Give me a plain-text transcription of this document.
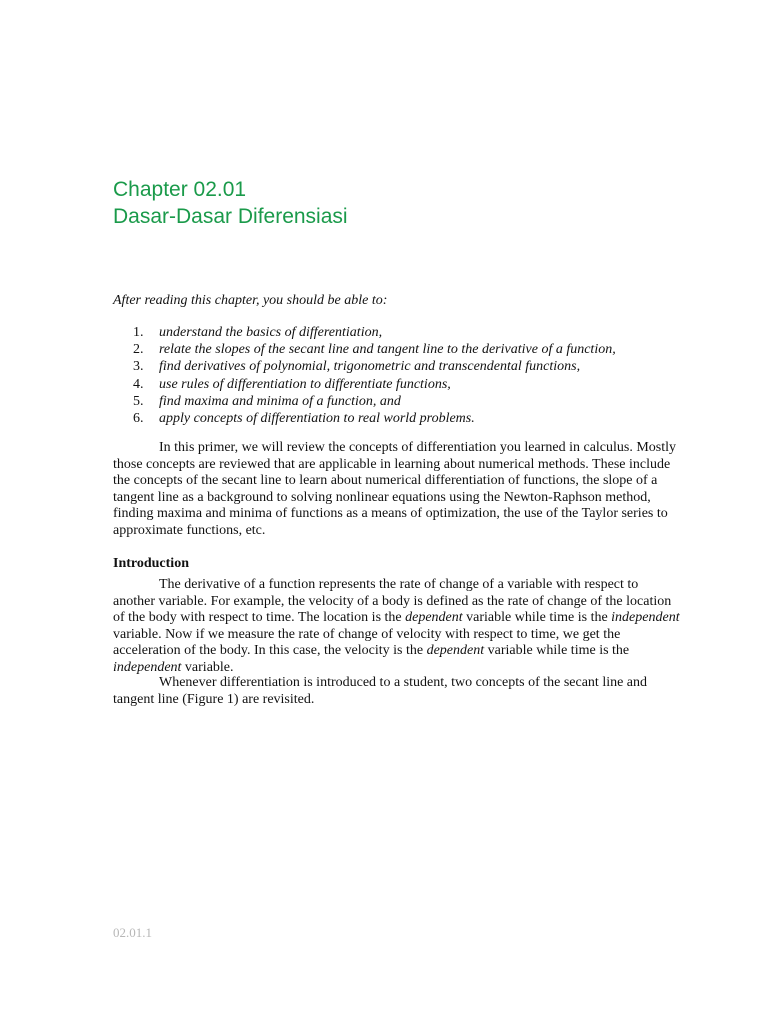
Chapter 02.01
Dasar-Dasar Diferensiasi

After reading this chapter, you should be able to:

1.	understand the basics of differentiation,
2.	relate the slopes of the secant line and tangent line to the derivative of a function,
3.	find derivatives of polynomial, trigonometric and transcendental functions,
4.	use rules of differentiation to differentiate functions,
5.	find maxima and minima of a function, and
6.	apply concepts of differentiation to real world problems.

In this primer, we will review the concepts of differentiation you learned in calculus. Mostly those concepts are reviewed that are applicable in learning about numerical methods. These include the concepts of the secant line to learn about numerical differentiation of functions, the slope of a tangent line as a background to solving nonlinear equations using the Newton-Raphson method, finding maxima and minima of functions as a means of optimization, the use of the Taylor series to approximate functions, etc.

Introduction

The derivative of a function represents the rate of change of a variable with respect to another variable. For example, the velocity of a body is defined as the rate of change of the location of the body with respect to time. The location is the dependent variable while time is the independent variable. Now if we measure the rate of change of velocity with respect to time, we get the acceleration of the body. In this case, the velocity is the dependent variable while time is the independent variable.

Whenever differentiation is introduced to a student, two concepts of the secant line and tangent line (Figure 1) are revisited.

02.01.1
